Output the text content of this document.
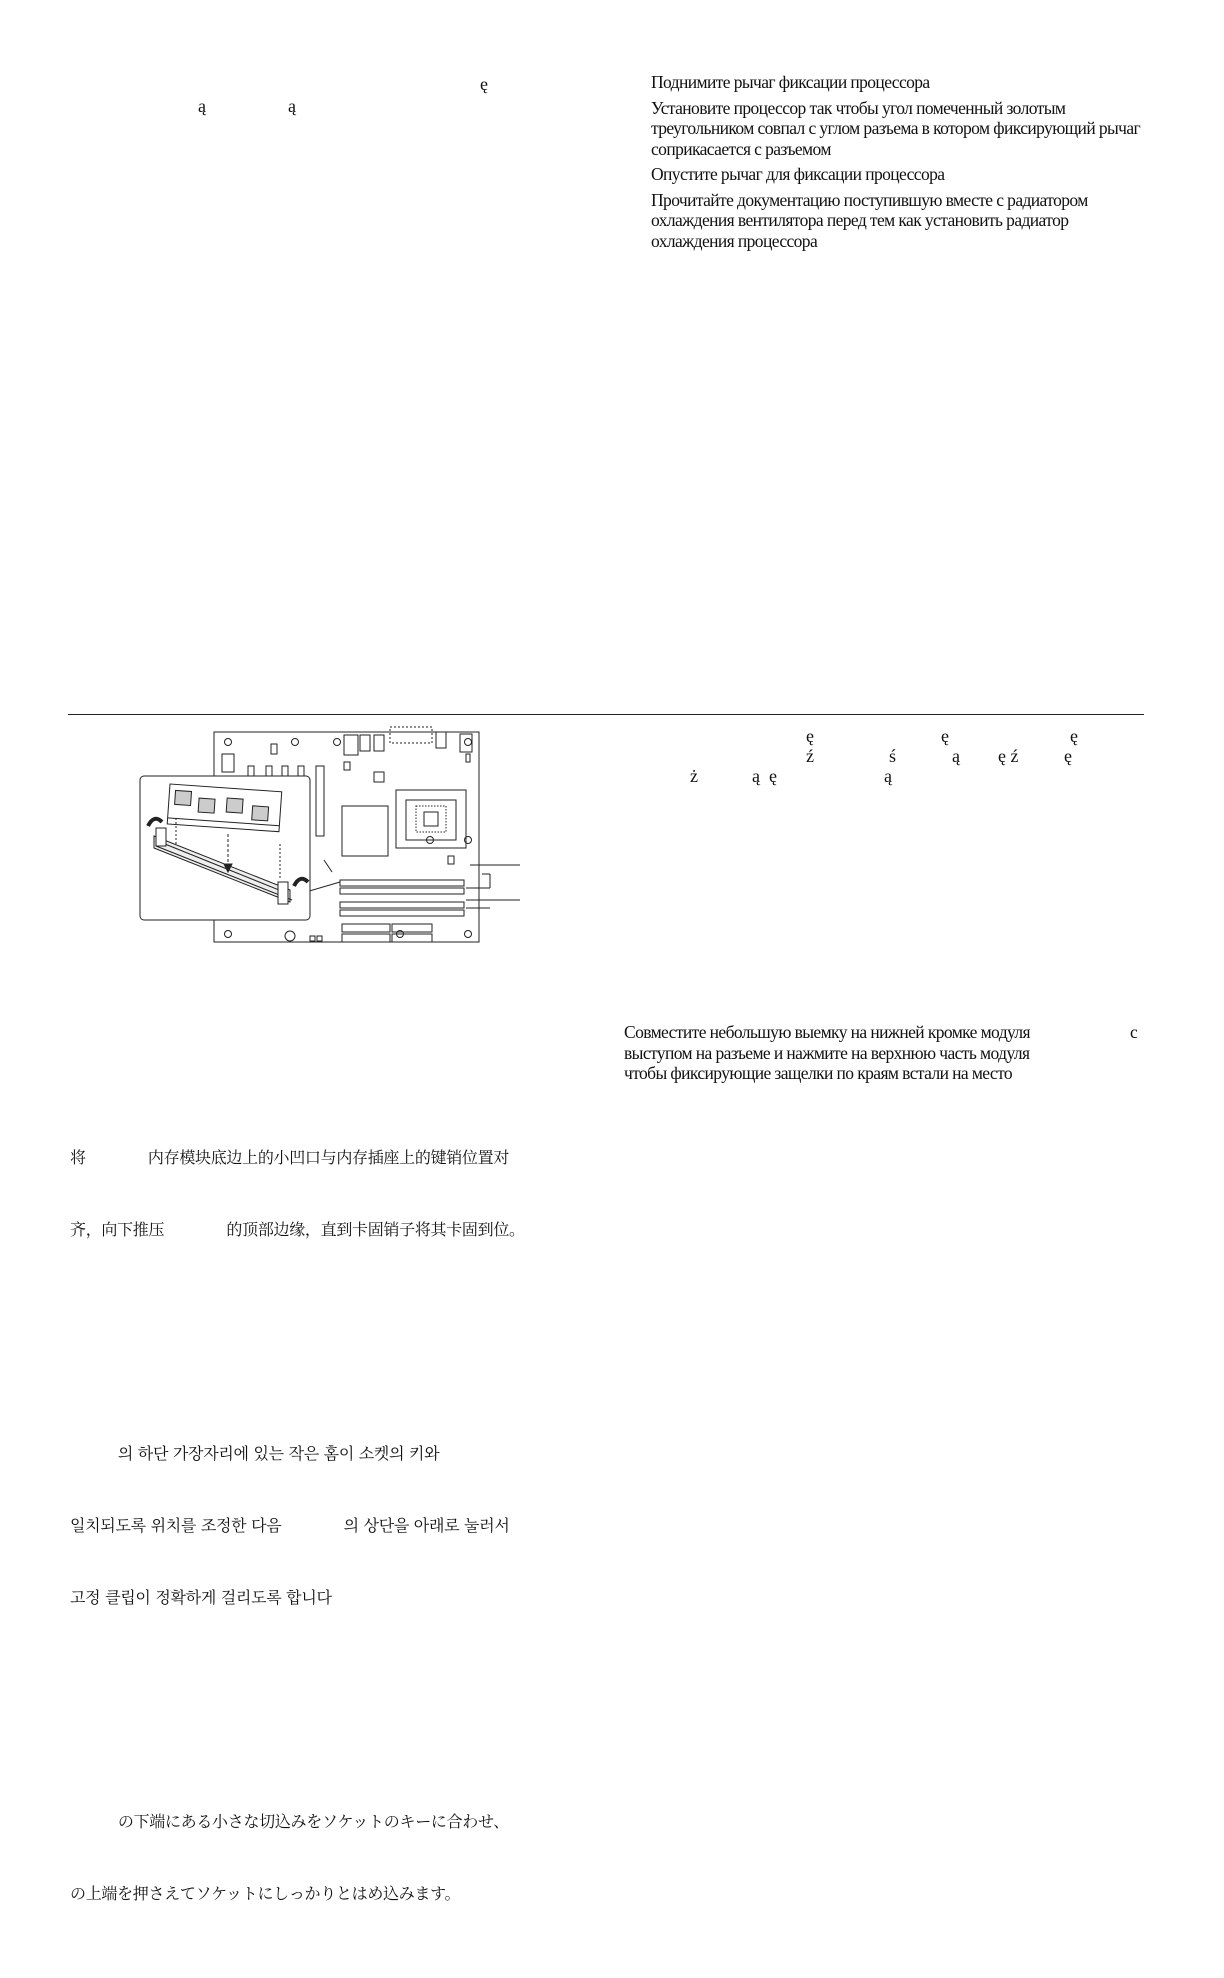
ę
ą	ą

Поднимите рычаг фиксации процессора

Установите процессор так чтобы угол помеченный золотым треугольником совпал с углом разъема в котором фиксирующий рычаг соприкасается с разъемом

Опустите рычаг для фиксации процессора

Прочитайте документацию поступившую вместе с радиатором охлаждения вентилятора перед тем как установить радиатор охлаждения процессора

ę	ę	ę
ź	ś	ą ę ź	ę
ż	ą  ę	ą

将             内存模块底边上的小凹口与内存插座上的键销位置对

齐，向下推压             的顶部边缘，直到卡固销子将其卡固到位。

의 하단 가장자리에 있는 작은 홈이 소켓의 키와

일치되도록 위치를 조정한 다음             의 상단을 아래로 눌러서

고정 클립이 정확하게 걸리도록 합니다

の下端にある小さな切込みをソケットのキーに合わせ、

の上端を押さえてソケットにしっかりとはめ込みます。

Совместите небольшую выемку на нижней кромке модуля	с
выступом на разъеме и нажмите на верхнюю часть модуля
чтобы фиксирующие защелки по краям встали на место
